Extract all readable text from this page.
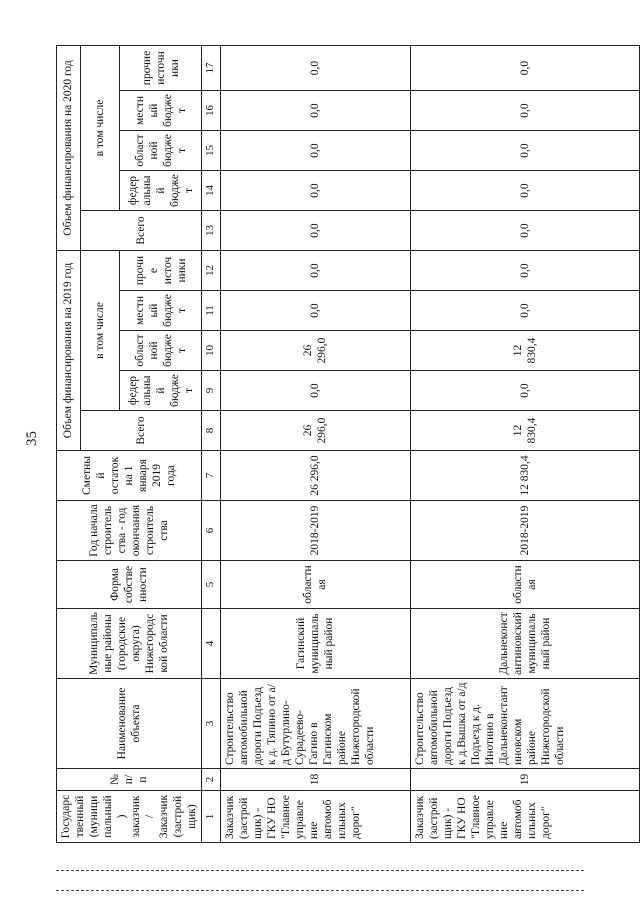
35
Государственный (муниципальный) заказчик / Заказчик (застройщик)	№ п/п	Наименование объекта	Муниципальные районы (городские округа) Нижегородской области	Форма собственности	Год начала строительства - год окончания строительства	Сметный остаток на 1 января 2019 года	Объем финансирования на 2019 год					Объем финансирования на 2020 год				
							Всего	в том числе				Всего	в том числе			
								федеральный бюджет	областной бюджет	местный бюджет	прочие источники		федеральный бюджет	областной бюджет	местный бюджет	прочие источники
1	2	3	4	5	6	7	8	9	10	11	12	13	14	15	16	17
Заказчик (застройщик) - ГКУ НО "Главное управление автомобильных дорог"	18	Строительство автомобильной дороги Подъезд к д. Тяпино от а/д Бутурлино-Сурадеево-Гагино в Гагинском районе Нижегородской области	Гагинский муниципальный район	областная	2018-2019	26 296,0	26 296,0	0,0	26 296,0	0,0	0,0	0,0	0,0	0,0	0,0	0,0
Заказчик (застройщик) - ГКУ НО "Главное управление автомобильных дорог"	19	Строительство автомобильной дороги Подъезд к д.Вышка от а/д Подъезд к д. Инотино в Дальнеконстантиновском районе Нижегородской области	Дальнеконстантиновский муниципальный район	областная	2018-2019	12 830,4	12 830,4	0,0	12 830,4	0,0	0,0	0,0	0,0	0,0	0,0	0,0
